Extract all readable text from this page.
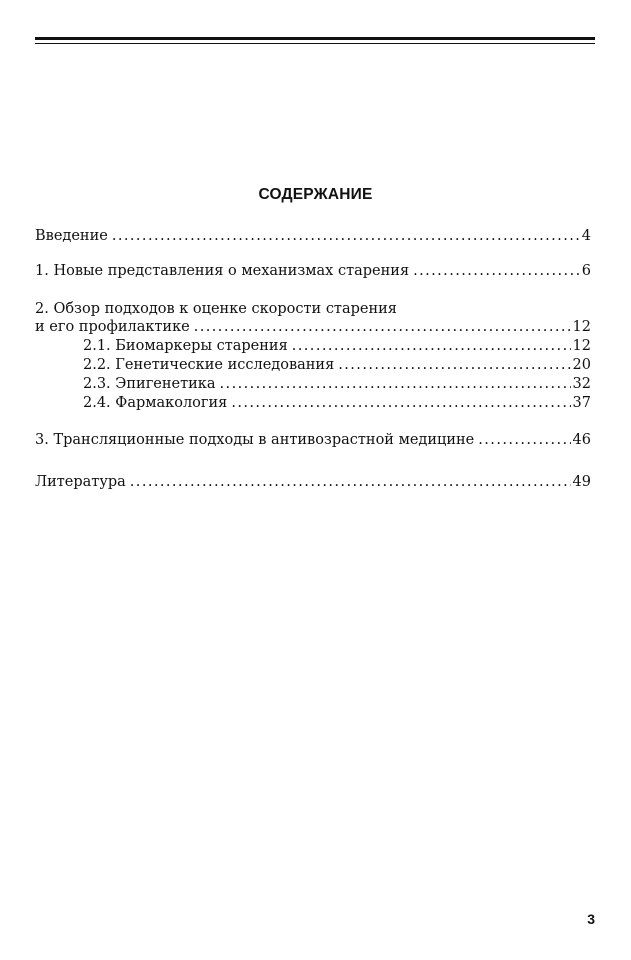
СОДЕРЖАНИЕ
Введение . . .	4
1. Новые представления о механизмах старения . . .	6
2. Обзор подходов к оценке скорости старения
и его профилактике . . .	12
2.1. Биомаркеры старения . . .	12
2.2. Генетические исследования . . .	20
2.3. Эпигенетика . . .	32
2.4. Фармакология . . .	37
3. Трансляционные подходы в антивозрастной медицине . . .	46
Литература . . .	49
3
